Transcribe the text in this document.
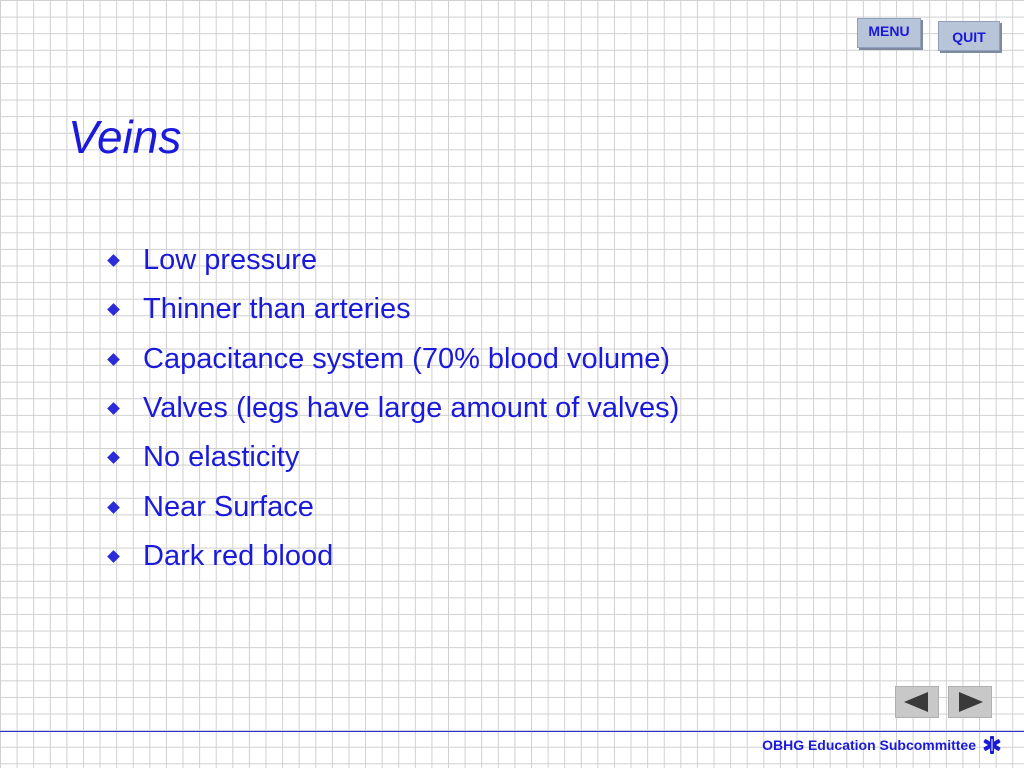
MENU	QUIT
Veins
Low pressure
Thinner than arteries
Capacitance system (70% blood volume)
Valves (legs have large amount of valves)
No elasticity
Near Surface
Dark red blood
OBHG Education Subcommittee
